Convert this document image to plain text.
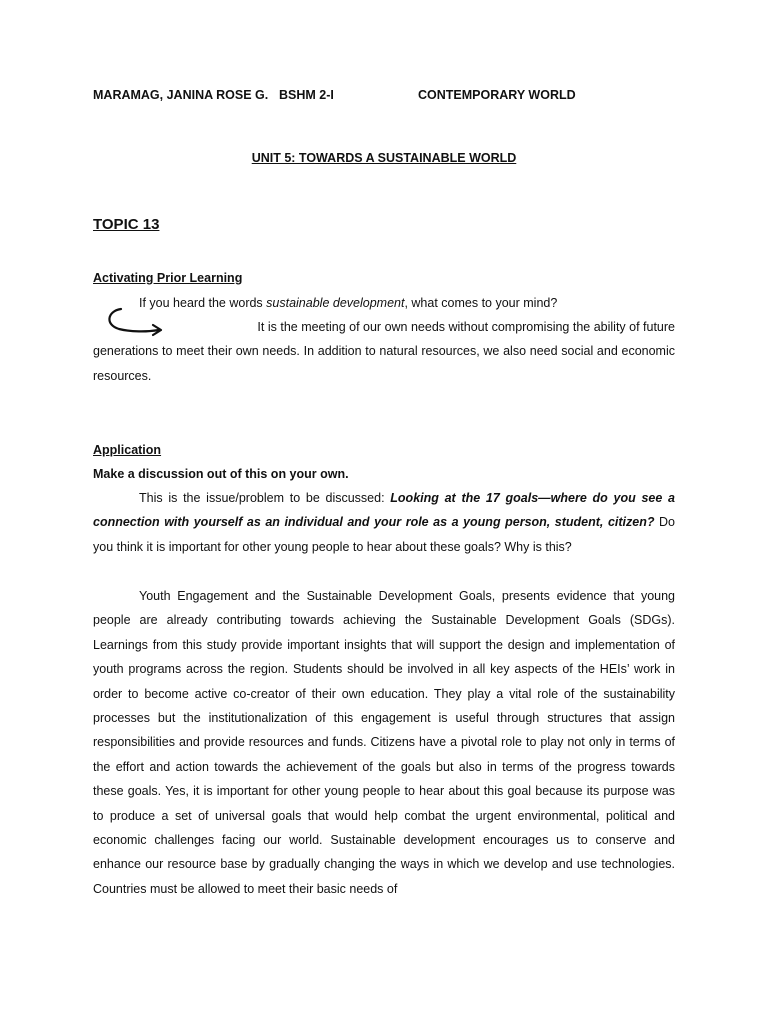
MARAMAG, JANINA ROSE G. BSHM 2-I	CONTEMPORARY WORLD
UNIT 5: TOWARDS A SUSTAINABLE WORLD
TOPIC 13
Activating Prior Learning
If you heard the words sustainable development, what comes to your mind?

It is the meeting of our own needs without compromising the ability of future

generations to meet their own needs. In addition to natural resources, we also need social and economic resources.

Application
Make a discussion out of this on your own.

This is the issue/problem to be discussed: Looking at the 17 goals—where do you see a connection with yourself as an individual and your role as a young person, student, citizen? Do you think it is important for other young people to hear about these goals? Why is this?

Youth Engagement and the Sustainable Development Goals, presents evidence that young people are already contributing towards achieving the Sustainable Development Goals (SDGs). Learnings from this study provide important insights that will support the design and implementation of youth programs across the region. Students should be involved in all key aspects of the HEIs’ work in order to become active co-creator of their own education. They play a vital role of the sustainability processes but the institutionalization of this engagement is useful through structures that assign responsibilities and provide resources and funds. Citizens have a pivotal role to play not only in terms of the effort and action towards the achievement of the goals but also in terms of the progress towards these goals. Yes, it is important for other young people to hear about this goal because its purpose was to produce a set of universal goals that would help combat the urgent environmental, political and economic challenges facing our world. Sustainable development encourages us to conserve and enhance our resource base by gradually changing the ways in which we develop and use technologies. Countries must be allowed to meet their basic needs of
